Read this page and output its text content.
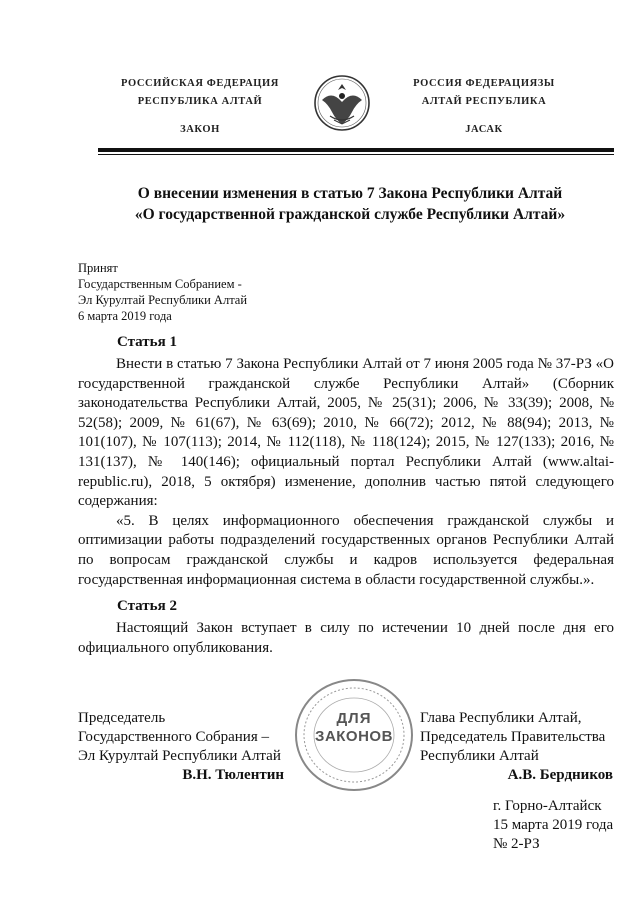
РОССИЙСКАЯ ФЕДЕРАЦИЯ
РЕСПУБЛИКА АЛТАЙ
ЗАКОН
РОССИЯ ФЕДЕРАЦИЯЗЫ
АЛТАЙ РЕСПУБЛИКА
JАСАК
О внесении изменения в статью 7 Закона Республики Алтай
«О государственной гражданской службе Республики Алтай»
Принят
Государственным Собранием -
Эл Курултай Республики Алтай
6 марта 2019 года
Статья 1

Внести в статью 7 Закона Республики Алтай от 7 июня 2005 года № 37-РЗ «О государственной гражданской службе Республики Алтай» (Сборник законодательства Республики Алтай, 2005, № 25(31); 2006, № 33(39); 2008, № 52(58); 2009, № 61(67), № 63(69); 2010, № 66(72); 2012, № 88(94); 2013, № 101(107), № 107(113); 2014, № 112(118), № 118(124); 2015, № 127(133); 2016, № 131(137), № 140(146); официальный портал Республики Алтай (www.altai-republic.ru), 2018, 5 октября) изменение, дополнив частью пятой следующего содержания:

«5. В целях информационного обеспечения гражданской службы и оптимизации работы подразделений государственных органов Республики Алтай по вопросам гражданской службы и кадров используется федеральная государственная информационная система в области государственной службы.».

Статья 2

Настоящий Закон вступает в силу по истечении 10 дней после дня его официального опубликования.

ДЛЯ
ЗАКОНОВ
Председатель
Государственного Собрания –
Эл Курултай Республики Алтай
В.Н. Тюлентин
Глава Республики Алтай,
Председатель Правительства
Республики Алтай
А.В. Бердников
г. Горно-Алтайск
15 марта 2019 года
№ 2-РЗ
